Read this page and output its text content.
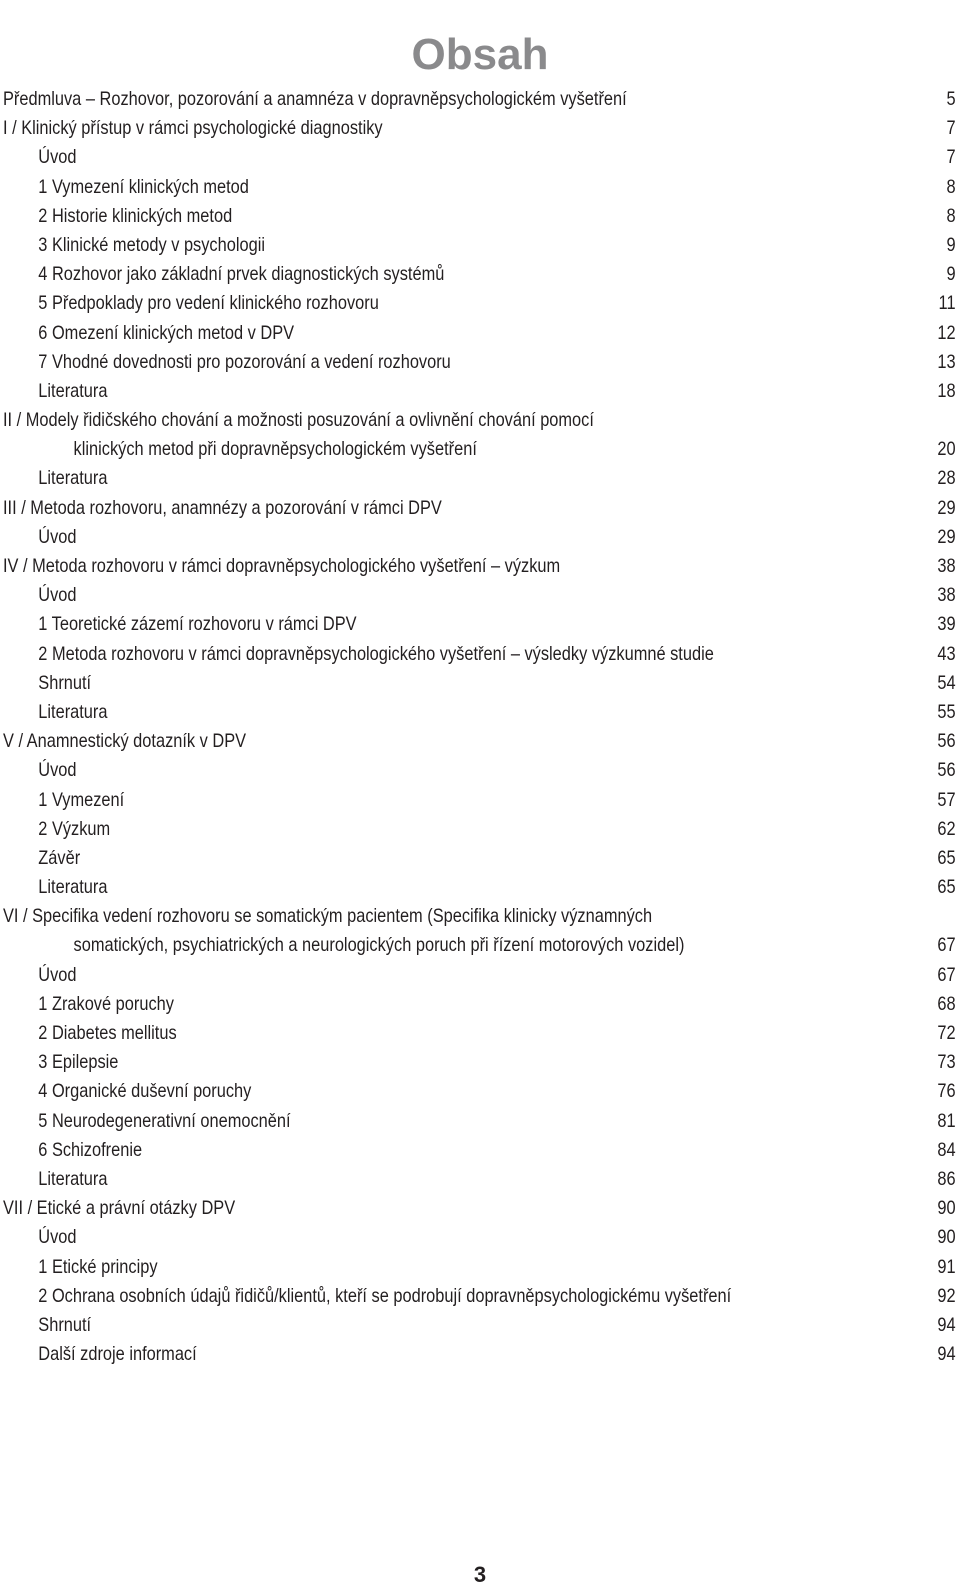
Obsah
Předmluva – Rozhovor, pozorování a anamnéza v dopravněpsychologickém vyšetření	5
I / Klinický přístup v rámci psychologické diagnostiky	7
Úvod	7
1 Vymezení klinických metod	8
2 Historie klinických metod	8
3 Klinické metody v psychologii	9
4 Rozhovor jako základní prvek diagnostických systémů	9
5 Předpoklady pro vedení klinického rozhovoru	11
6 Omezení klinických metod v DPV	12
7 Vhodné dovednosti pro pozorování a vedení rozhovoru	13
Literatura	18
II / Modely řidičského chování a možnosti posuzování a ovlivnění chování pomocí
klinických metod při dopravněpsychologickém vyšetření	20
Literatura	28
III / Metoda rozhovoru, anamnézy a pozorování v rámci DPV	29
Úvod	29
IV / Metoda rozhovoru v rámci dopravněpsychologického vyšetření – výzkum	38
Úvod	38
1 Teoretické zázemí rozhovoru v rámci DPV	39
2 Metoda rozhovoru v rámci dopravněpsychologického vyšetření – výsledky výzkumné studie	43
Shrnutí	54
Literatura	55
V / Anamnestický dotazník v DPV	56
Úvod	56
1 Vymezení	57
2 Výzkum	62
Závěr	65
Literatura	65
VI / Specifika vedení rozhovoru se somatickým pacientem (Specifika klinicky významných
somatických, psychiatrických a neurologických poruch při řízení motorových vozidel)	67
Úvod	67
1 Zrakové poruchy	68
2 Diabetes mellitus	72
3 Epilepsie	73
4 Organické duševní poruchy	76
5 Neurodegenerativní onemocnění	81
6 Schizofrenie	84
Literatura	86
VII / Etické a právní otázky DPV	90
Úvod	90
1 Etické principy	91
2 Ochrana osobních údajů řidičů/klientů, kteří se podrobují dopravněpsychologickému vyšetření	92
Shrnutí	94
Další zdroje informací	94
3
